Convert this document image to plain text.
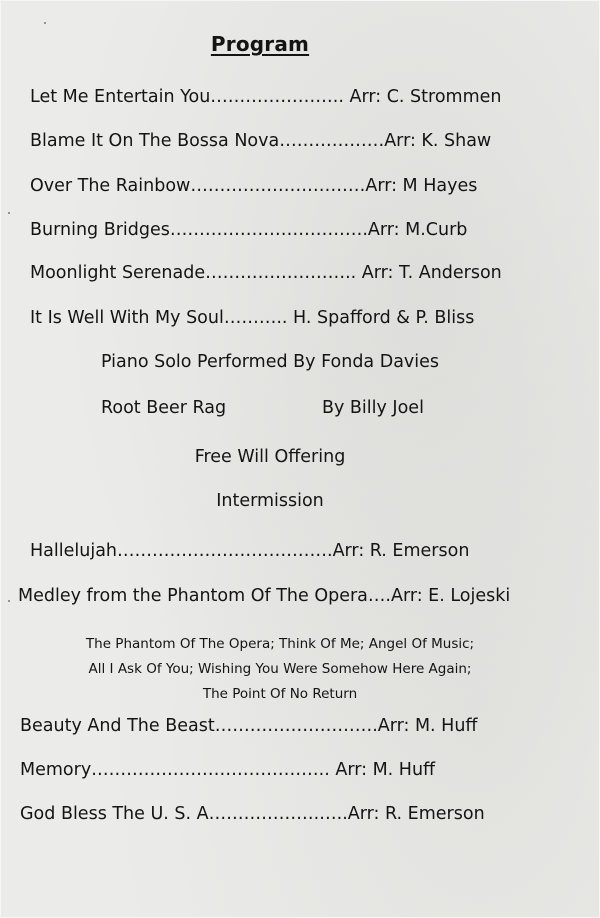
Program
Let Me Entertain You………………….. Arr: C. Strommen
Blame It On The Bossa Nova………………Arr: K. Shaw
Over The Rainbow…………………………Arr: M Hayes
Burning Bridges…………………………….Arr: M.Curb
Moonlight Serenade…………………….. Arr: T. Anderson
It Is Well With My Soul……….. H. Spafford & P. Bliss
Piano Solo Performed By Fonda Davies
Root Beer Rag	By Billy Joel
Free Will Offering
Intermission
Hallelujah……………………………….Arr: R. Emerson
Medley from the Phantom Of The Opera….Arr: E. Lojeski
The Phantom Of The Opera; Think Of Me; Angel Of Music;
All I Ask Of You; Wishing You Were Somehow Here Again;
The Point Of No Return
Beauty And The Beast……………………….Arr: M. Huff
Memory………………………………….. Arr: M. Huff
God Bless The U. S. A……………….…..Arr: R. Emerson
